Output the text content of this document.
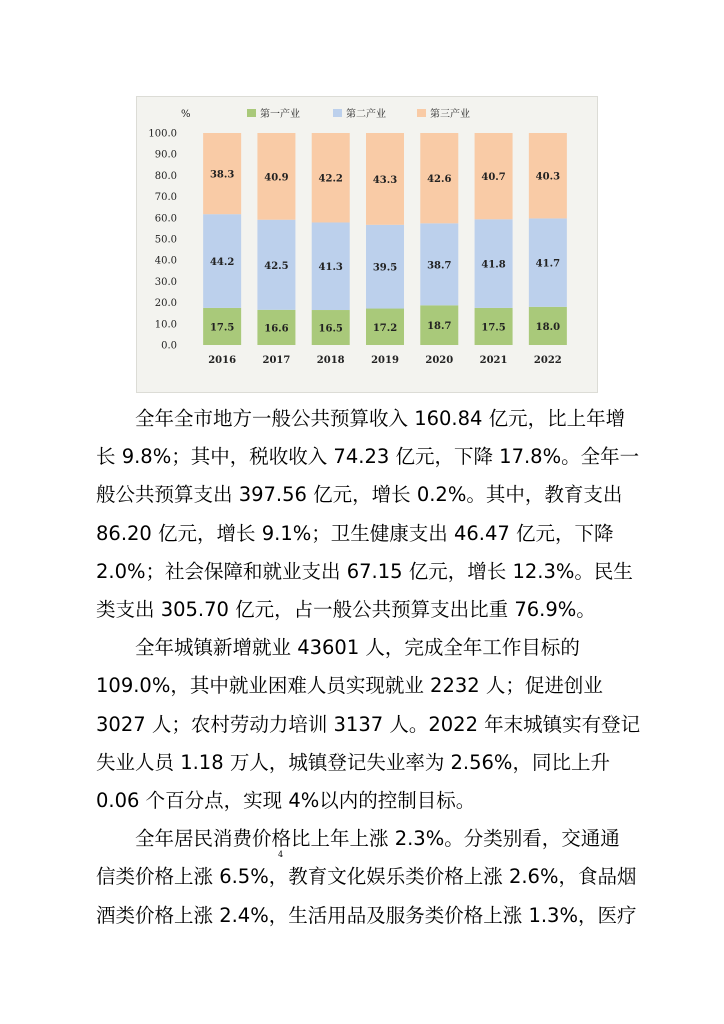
%
0.0
10.0
20.0
30.0
40.0
50.0
60.0
70.0
80.0
90.0
100.0
第一产业	第二产业	第三产业
17.5
44.2
38.3
2016
16.6
42.5
40.9
2017
16.5
41.3
42.2
2018
17.2
39.5
43.3
2019
18.7
38.7
42.6
2020
17.5
41.8
40.7
2021
18.0
41.7
40.3
2022

全年全市地方一般公共预算收入 160.84 亿元，比上年增
长 9.8%；其中，税收收入 74.23 亿元，下降 17.8%。全年一
般公共预算支出 397.56 亿元，增长 0.2%。其中，教育支出
86.20 亿元，增长 9.1%；卫生健康支出 46.47 亿元，下降
2.0%；社会保障和就业支出 67.15 亿元，增长 12.3%。民生
类支出 305.70 亿元，占一般公共预算支出比重 76.9%。

全年城镇新增就业 43601 人，完成全年工作目标的
109.0%，其中就业困难人员实现就业 2232 人；促进创业
3027 人；农村劳动力培训 3137 人。2022 年末城镇实有登记
失业人员 1.18 万人，城镇登记失业率为 2.56%，同比上升
0.06 个百分点，实现 4%以内的控制目标。

全年居民消费价格比上年上涨 2.3%。分类别看，交通通
信类价格上涨 6.5%，教育文化娱乐类价格上涨 2.6%，食品烟
酒类价格上涨 2.4%，生活用品及服务类价格上涨 1.3%，医疗

4
